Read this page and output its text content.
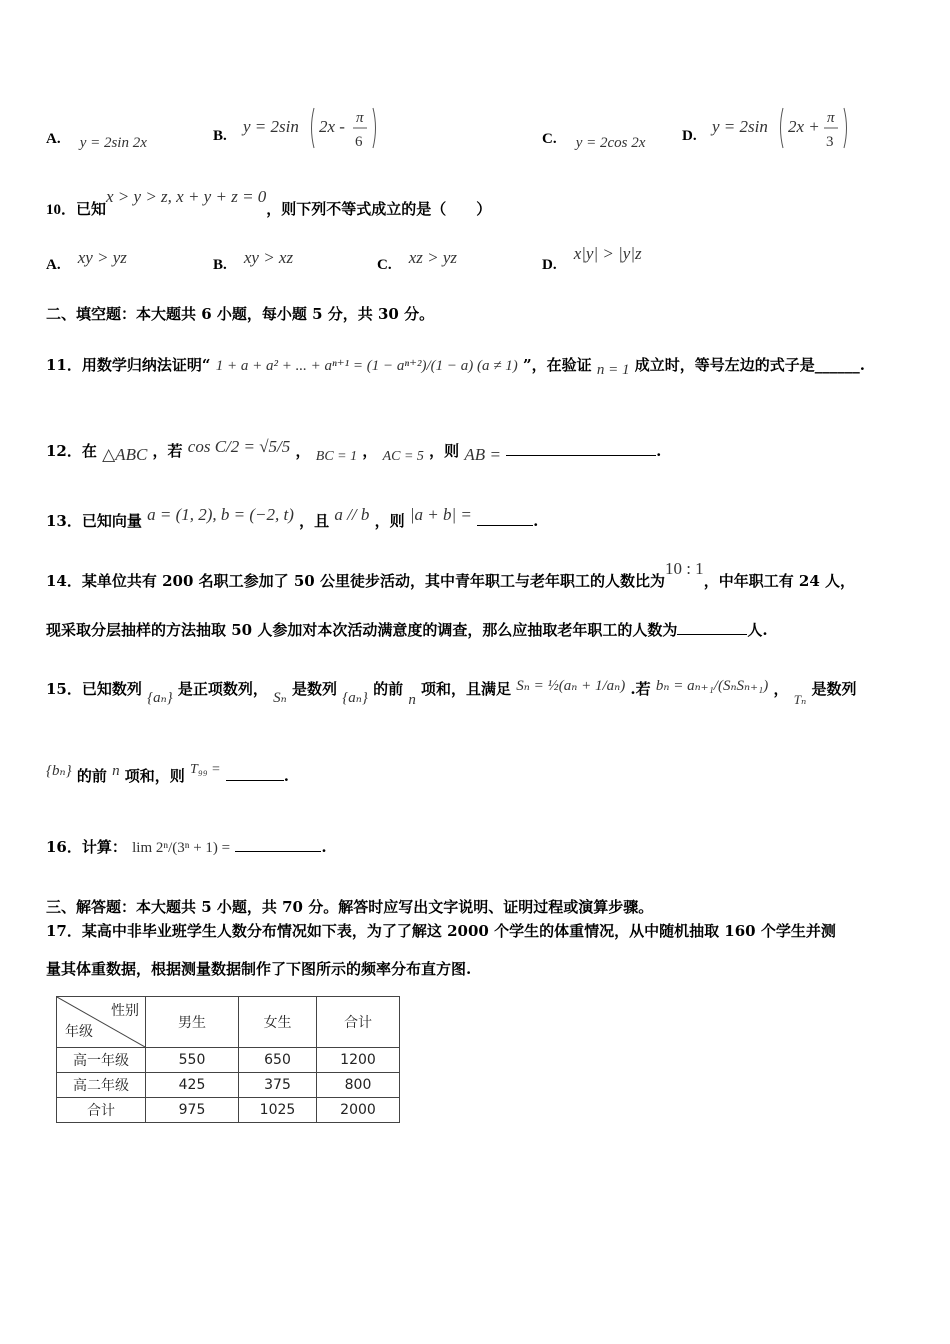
A. y = 2sin 2x	B. y = 2sin 2x - π
6	C. y = 2cos 2x D. y = 2sin 2x + π
3
10．已知x > y > z, x + y + z = 0，则下列不等式成立的是（　　）
A. xy > yz	B. xy > xz	C. xz > yz	D. x|y| > |y|z
二、填空题：本大题共 6 小题，每小题 5 分，共 30 分。
11．用数学归纳法证明“ 1 + a + a² + ... + aⁿ⁺¹ = (1 − aⁿ⁺²)/(1 − a) (a ≠ 1) ”，在验证 n = 1 成立时，等号左边的式子是______.
12．在 △ABC ，若 cos C/2 = √5/5 ， BC = 1 ， AC = 5 ，则 AB =	.
13．已知向量 a = (1, 2), b = (−2, t) ，且 a // b ，则 |a + b| =	.
14．某单位共有 200 名职工参加了 50 公里徒步活动，其中青年职工与老年职工的人数比为10 : 1，中年职工有 24 人，
现采取分层抽样的方法抽取 50 人参加对本次活动满意度的调查，那么应抽取老年职工的人数为	人.
15．已知数列 {aₙ} 是正项数列， Sₙ 是数列 {aₙ} 的前 n 项和，且满足 Sₙ = ½(aₙ + 1/aₙ) .若 bₙ = aₙ₊₁/(SₙSₙ₊₁) ， Tₙ 是数列
{bₙ} 的前 n 项和，则 T₉₉ =	.
16．计算： lim 2ⁿ/(3ⁿ + 1) =	.
三、解答题：本大题共 5 小题，共 70 分。解答时应写出文字说明、证明过程或演算步骤。
17．某高中非毕业班学生人数分布情况如下表，为了了解这 2000 个学生的体重情况，从中随机抽取 160 个学生并测
量其体重数据，根据测量数据制作了下图所示的频率分布直方图.
性别
年级	男生	女生	合计
高一年级	550	650	1200
高二年级	425	375	800
合计	975	1025	2000
